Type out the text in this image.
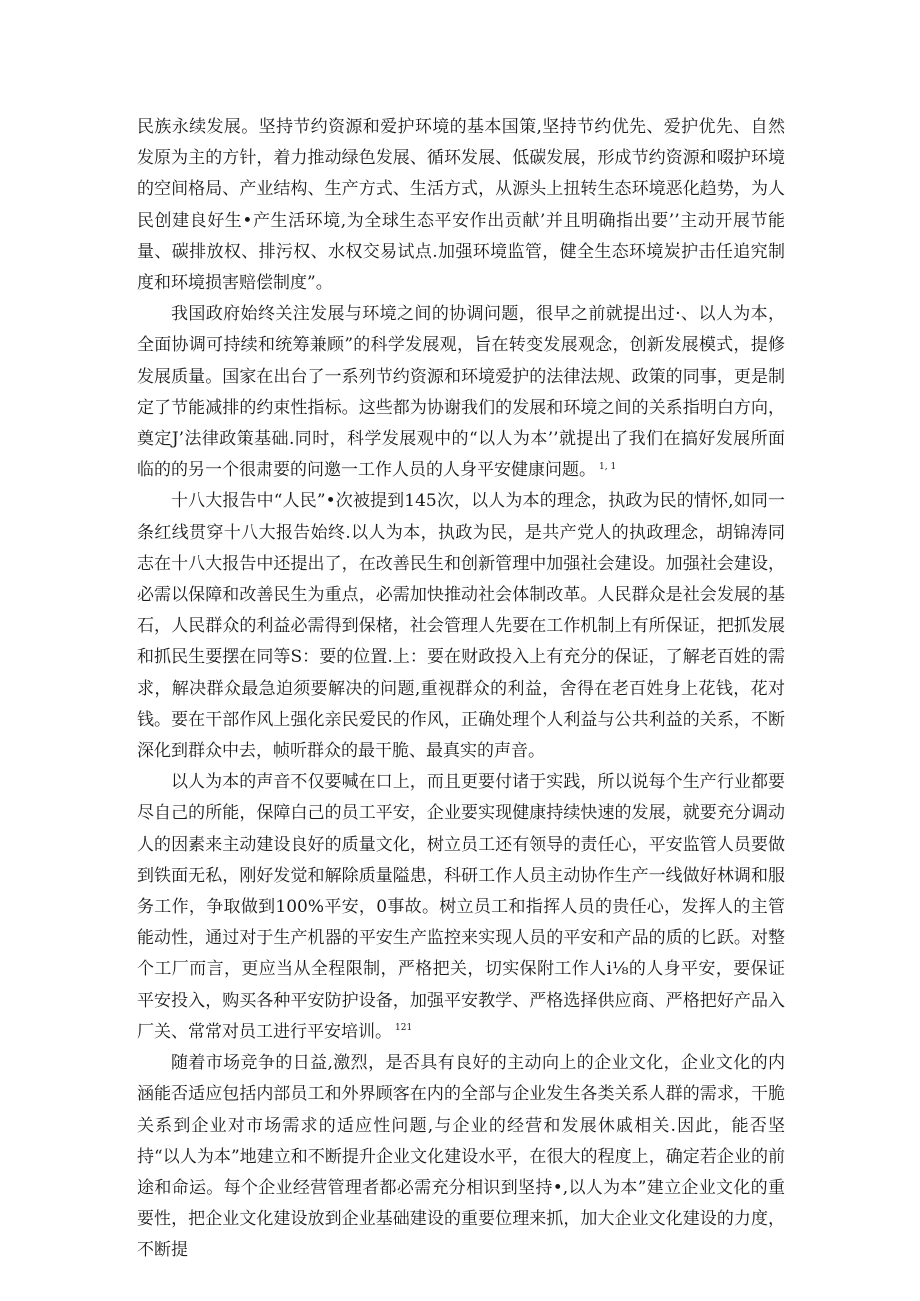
民族永续发展。坚持节约资源和爱护环境的基本国策,坚持节约优先、爱护优先、自然发原为主的方针，着力推动绿色发展、循环发展、低碳发展，形成节约资源和啜护环境的空间格局、产业结构、生产方式、生活方式，从源头上扭转生态环境恶化趋势，为人民创建良好生•产生活环境,为全球生态平安作出贡献’并且明确指出要’’主动开展节能量、碳排放权、排污权、水权交易试点.加强环境监管，健全生态环境炭护击任追究制度和环境损害赔偿制度”。

我国政府始终关注发展与环境之间的协调问题，很早之前就提出过·、以人为本，全面协调可持续和统筹兼顾”的科学发展观，旨在转变发展观念，创新发展模式，提修发展质量。国家在出台了一系列节约资源和环境爱护的法律法规、政策的同事，更是制定了节能减排的约束性指标。这些都为协谢我们的发展和环境之间的关系指明白方向，奠定J’法律政策基础.同时，科学发展观中的“以人为本’’就提出了我们在搞好发展所面临的的另一个很肃要的问邀一工作人员的人身平安健康问题。 $^{1, 1}$

十八大报告中“人民”•次被提到145次，以人为本的理念，执政为民的情怀,如同一条红线贯穿十八大报告始终.以人为本，执政为民，是共产党人的执政理念，胡锦涛同志在十八大报告中还提出了，在改善民生和创新管理中加强社会建设。加强社会建设，必需以保障和改善民生为重点，必需加快推动社会体制改革。人民群众是社会发展的基石，人民群众的利益必需得到保楮，社会管理人先要在工作机制上有所保证，把抓发展和抓民生要摆在同等S：要的位置.上：要在财政投入上有充分的保证，了解老百姓的需求，解决群众最急迫须要解决的问题,重视群众的利益，舍得在老百姓身上花钱，花对钱。要在干部作风上强化亲民爱民的作风，正确处理个人利益与公共利益的关系，不断深化到群众中去，帧听群众的最干脆、最真实的声音。

以人为本的声音不仅要喊在口上，而且更要付诸于实践，所以说每个生产行业都要尽自己的所能，保障白己的员工平安，企业要实现健康持续快速的发展，就要充分调动人的因素来主动建设良好的质量文化，树立员工还有领导的责任心，平安监管人员要做到铁面无私，刚好发觉和解除质量隘患，科研工作人员主动协作生产一线做好林调和服务工作，争取做到100%平安，0事故。树立员工和指挥人员的贵任心，发挥人的主管能动性，通过对于生产机器的平安生产监控来实现人员的平安和产品的质的匕跃。对整个工厂而言，更应当从全程限制，严格把关，切实保附工作人i⅛的人身平安，要保证平安投入，购买各种平安防护设备，加强平安教学、严格选择供应商、严格把好产品入厂关、常常对员工进行平安培训。 $^{121}$

随着市场竞争的日益,激烈，是否具有良好的主动向上的企业文化，企业文化的内涵能否适应包括内部员工和外界顾客在内的全部与企业发生各类关系人群的需求，干脆关系到企业对市场需求的适应性问题,与企业的经营和发展休戚相关.因此，能否坚持“以人为本”地建立和不断提升企业文化建设水平，在很大的程度上，确定若企业的前途和命运。每个企业经营管理者都必需充分相识到坚持•,以人为本”建立企业文化的重要性，把企业文化建设放到企业基础建设的重要位理来抓，加大企业文化建设的力度，不断提
